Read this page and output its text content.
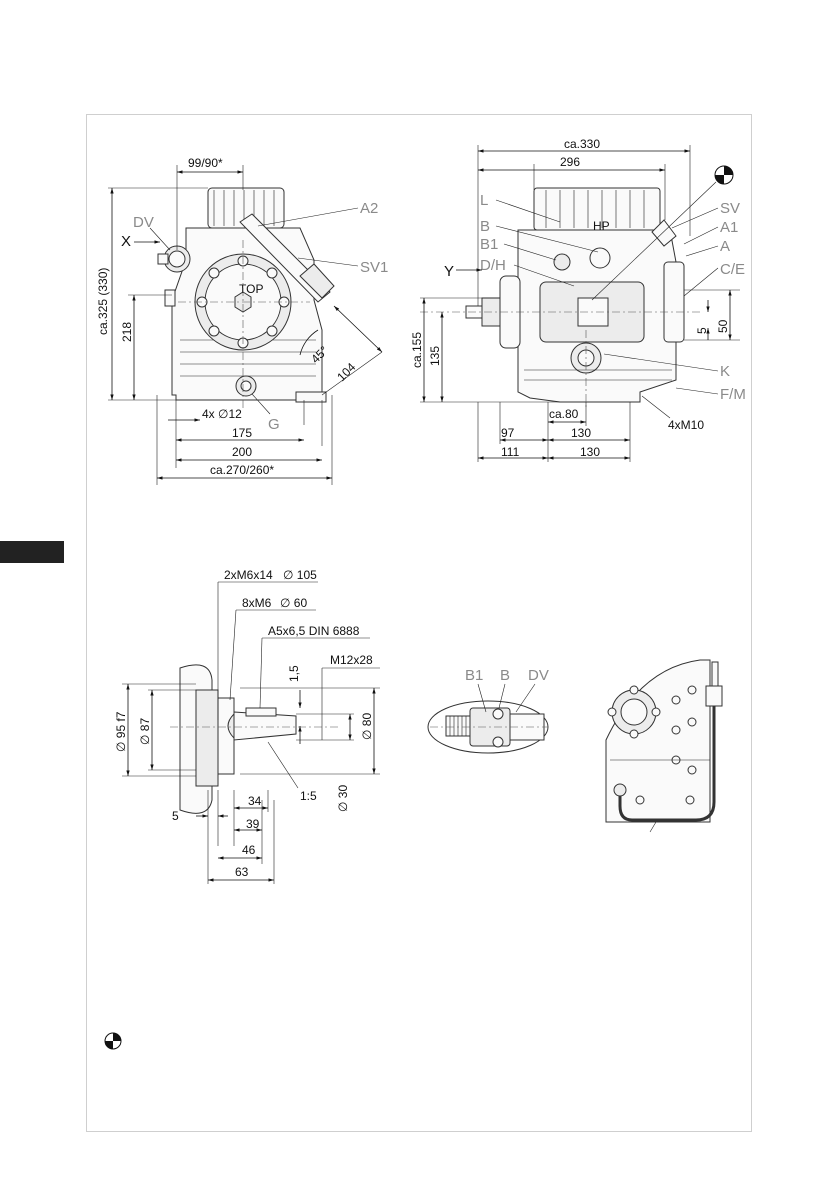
TOP
99/90*
ca.325 (330) 218
104
45°
4x ∅12
175
200
ca.270/260*
DV
X
A2
SV1
G
HP
ca.330
296
ca.155 135
5 50
ca.80
97	130
111	130
4xM10
L
B
B1
D/H
Y
SV
A1
A
C/E
K
F/M
2xM6x14 ∅ 105
8xM6 ∅ 60
A5x6,5 DIN 6888
M12x28
1,5
∅ 95 f7 ∅ 87	∅ 80
∅ 30
1:5
5
34
39
46
63
B1 B DV
